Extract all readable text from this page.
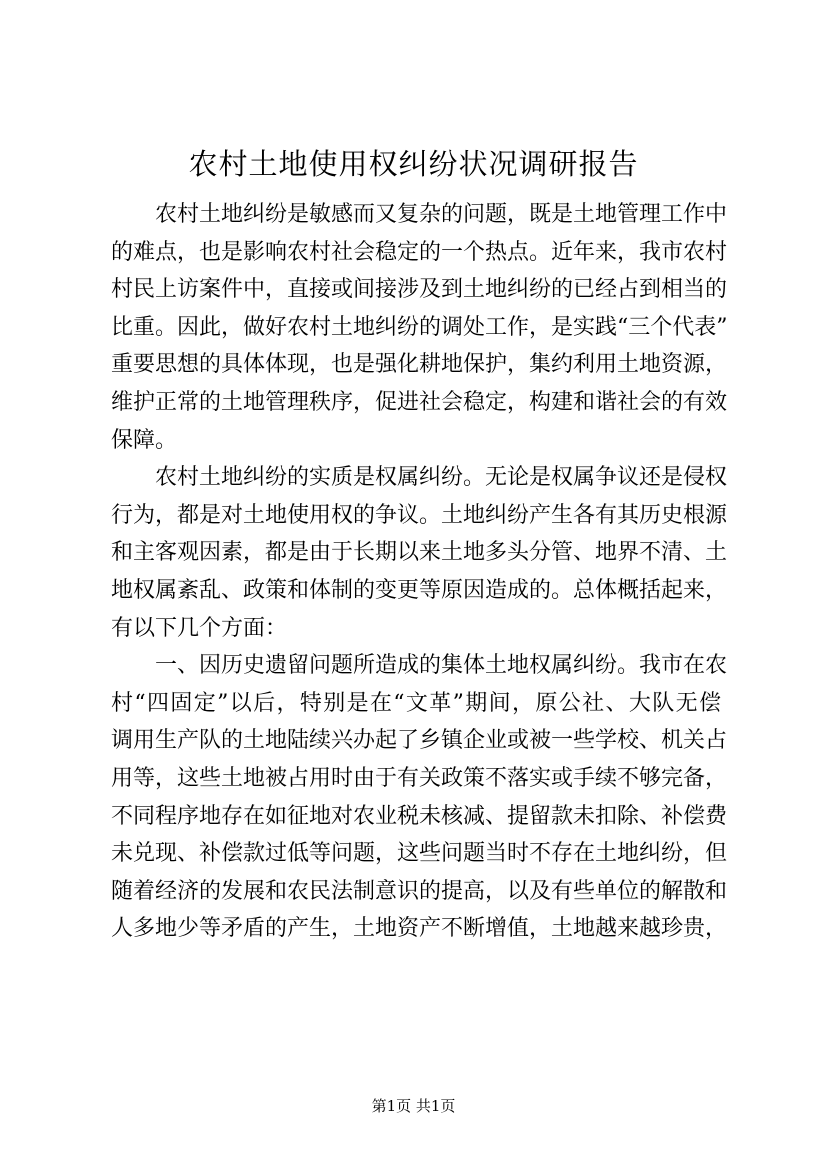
农村土地使用权纠纷状况调研报告
农村土地纠纷是敏感而又复杂的问题，既是土地管理工作中
的难点，也是影响农村社会稳定的一个热点。近年来，我市农村
村民上访案件中，直接或间接涉及到土地纠纷的已经占到相当的
比重。因此，做好农村土地纠纷的调处工作，是实践“三个代表”
重要思想的具体体现，也是强化耕地保护，集约利用土地资源，
维护正常的土地管理秩序，促进社会稳定，构建和谐社会的有效
保障。
农村土地纠纷的实质是权属纠纷。无论是权属争议还是侵权
行为，都是对土地使用权的争议。土地纠纷产生各有其历史根源
和主客观因素，都是由于长期以来土地多头分管、地界不清、土
地权属紊乱、政策和体制的变更等原因造成的。总体概括起来，
有以下几个方面：
一、因历史遗留问题所造成的集体土地权属纠纷。我市在农
村“四固定”以后，特别是在“文革”期间，原公社、大队无偿
调用生产队的土地陆续兴办起了乡镇企业或被一些学校、机关占
用等，这些土地被占用时由于有关政策不落实或手续不够完备，
不同程序地存在如征地对农业税未核减、提留款未扣除、补偿费
未兑现、补偿款过低等问题，这些问题当时不存在土地纠纷，但
随着经济的发展和农民法制意识的提高，以及有些单位的解散和
人多地少等矛盾的产生，土地资产不断增值，土地越来越珍贵，
第1页 共1页
